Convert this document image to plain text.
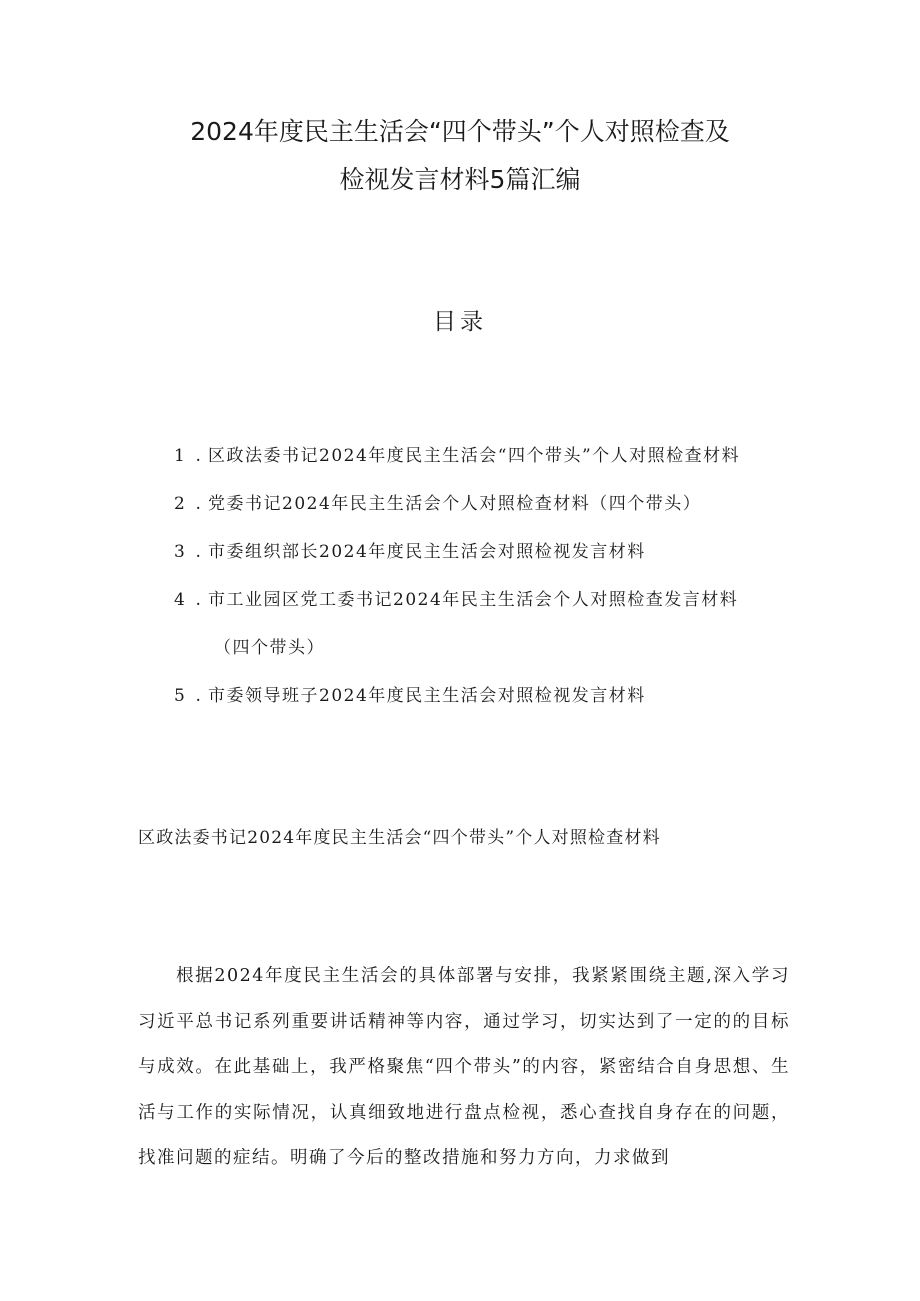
2024年度民主生活会“四个带头”个人对照检查及
检视发言材料5篇汇编
目录
1 . 区政法委书记2024年度民主生活会“四个带头”个人对照检查材料
2 . 党委书记2024年民主生活会个人对照检查材料（四个带头）
3 . 市委组织部长2024年度民主生活会对照检视发言材料
4 . 市工业园区党工委书记2024年民主生活会个人对照检查发言材料
（四个带头）
5 . 市委领导班子2024年度民主生活会对照检视发言材料
区政法委书记2024年度民主生活会“四个带头”个人对照检查材料

根据2024年度民主生活会的具体部署与安排，我紧紧围绕主题,深入学习习近平总书记系列重要讲话精神等内容，通过学习，切实达到了一定的的目标与成效。在此基础上，我严格聚焦“四个带头”的内容，紧密结合自身思想、生活与工作的实际情况，认真细致地进行盘点检视，悉心查找自身存在的问题，找准问题的症结。明确了今后的整改措施和努力方向，力求做到
